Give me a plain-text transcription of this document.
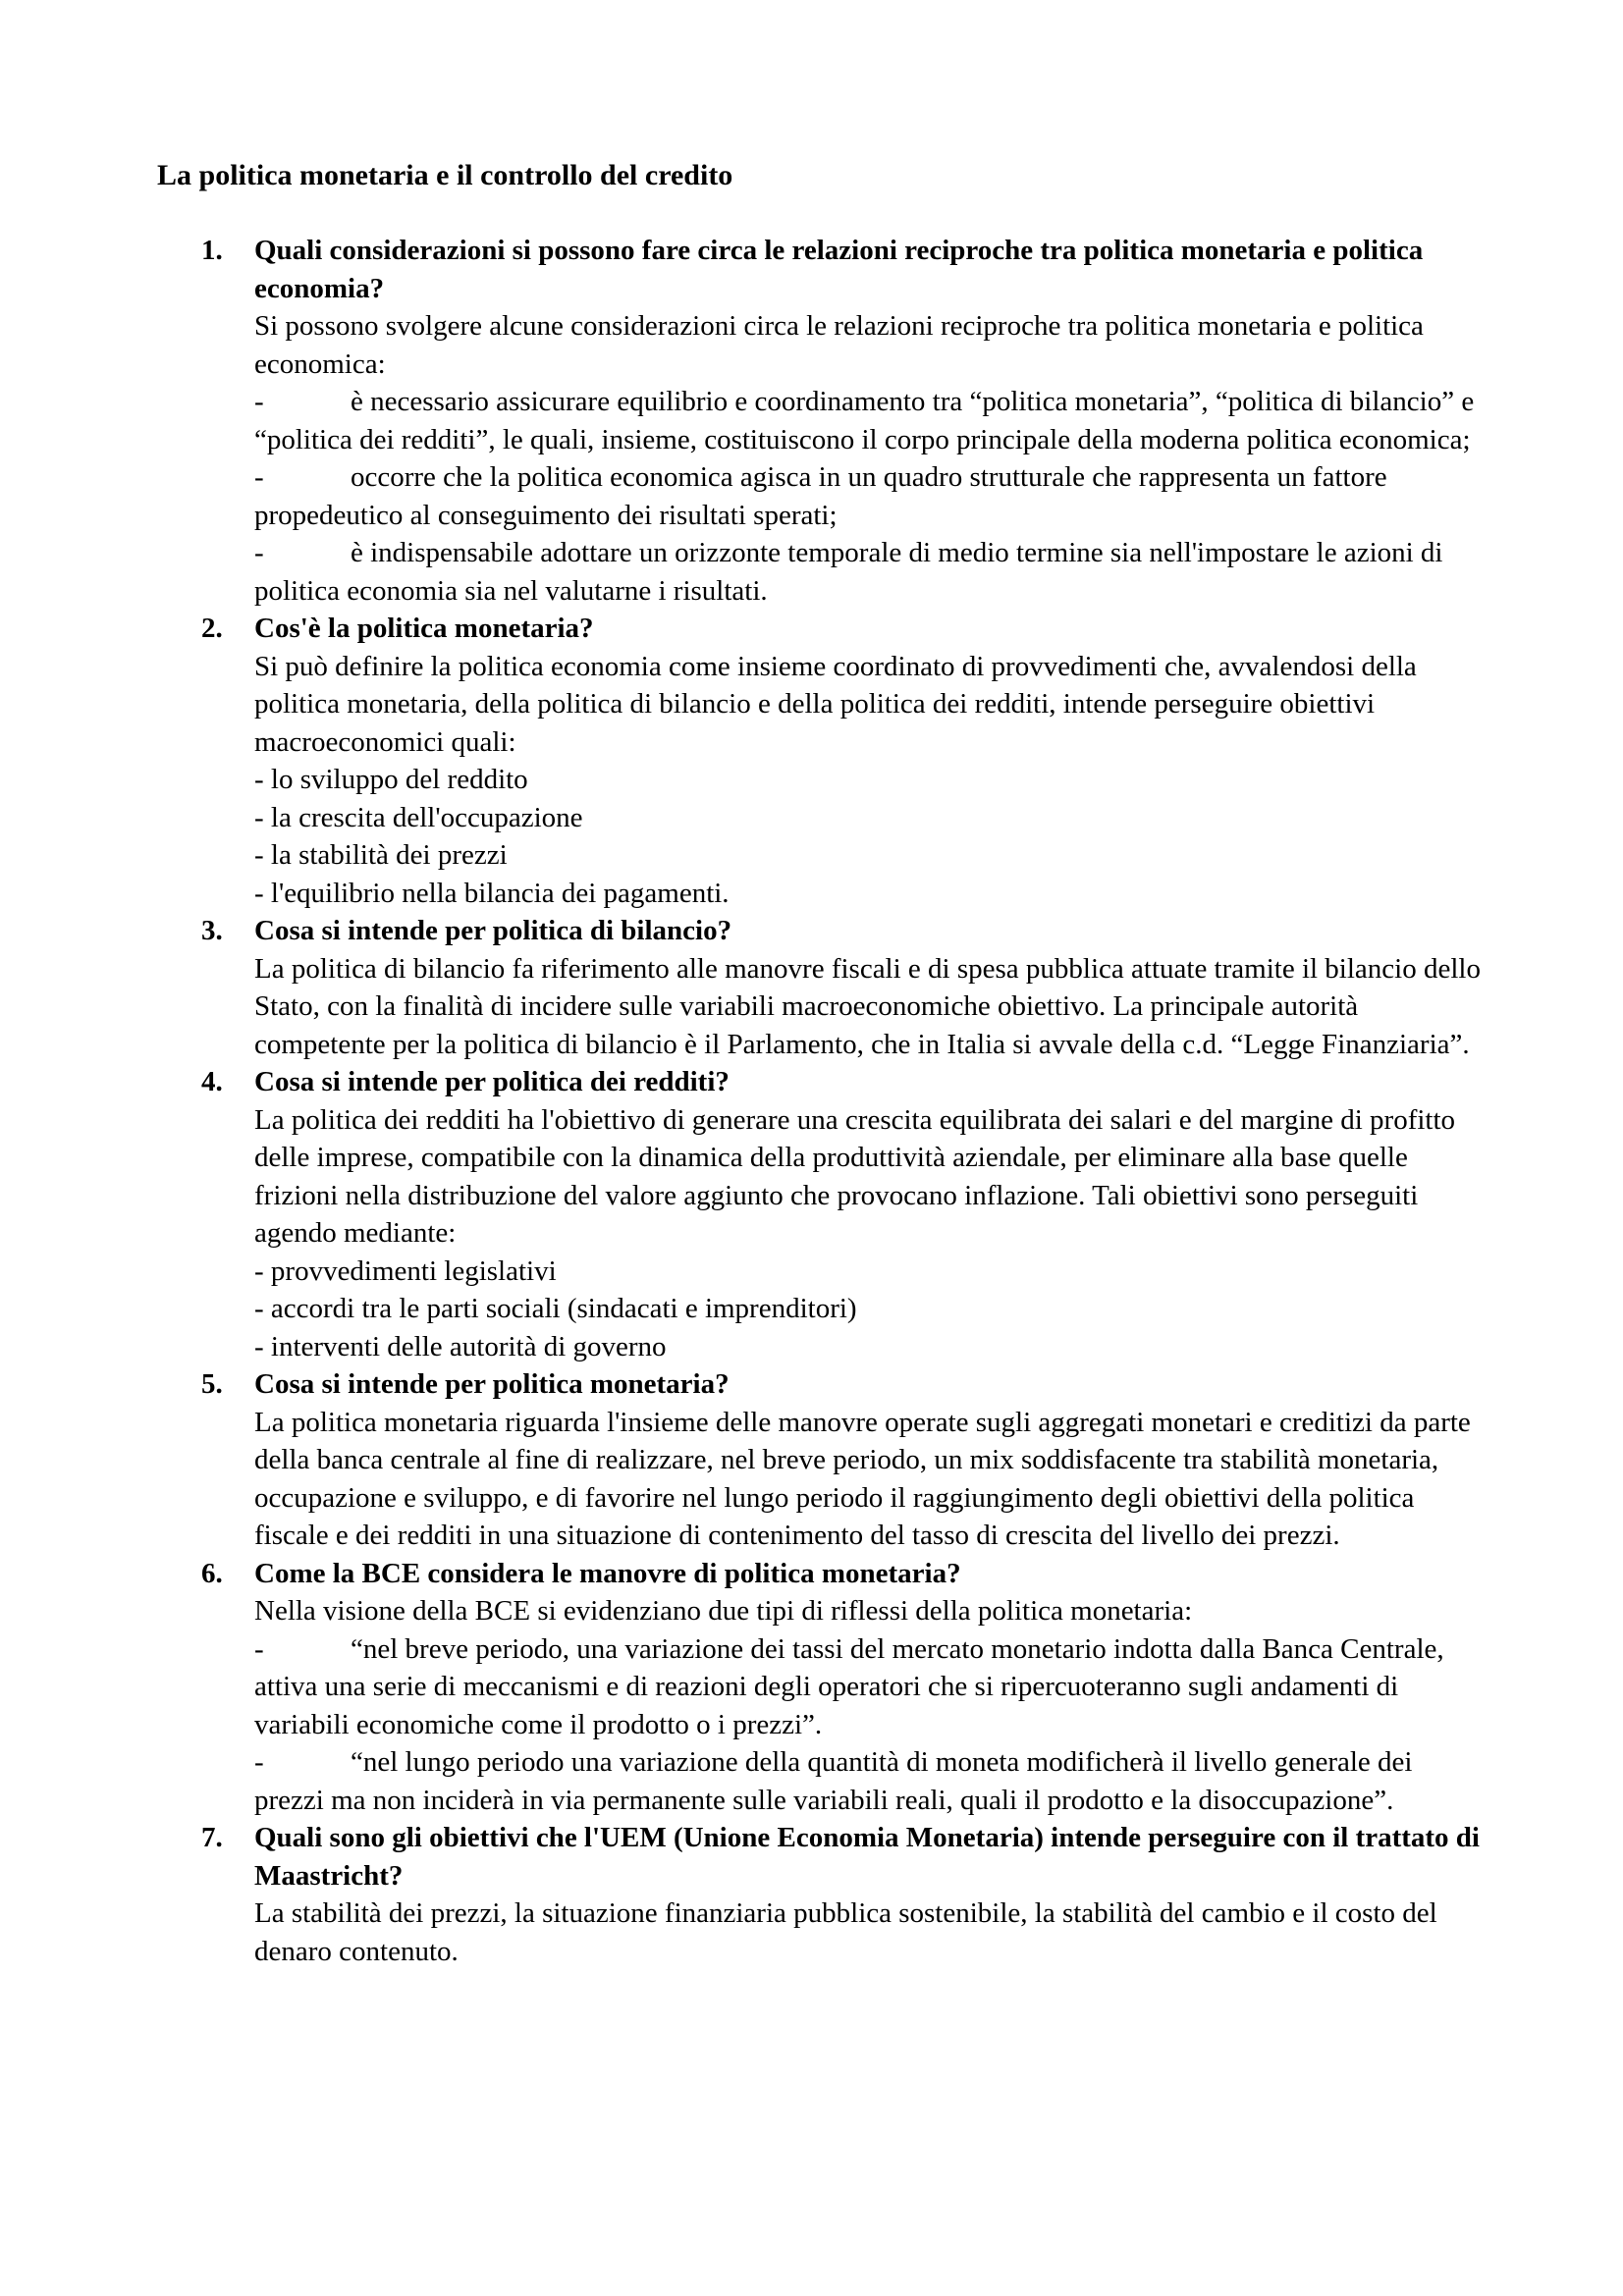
La politica monetaria e il controllo del credito
1. Quali considerazioni si possono fare circa le relazioni reciproche tra politica monetaria e politica economia?
Si possono svolgere alcune considerazioni circa le relazioni reciproche tra politica monetaria e politica economica:
-	è necessario assicurare equilibrio e coordinamento tra “politica monetaria”, “politica di bilancio” e “politica dei redditi”, le quali, insieme, costituiscono il corpo principale della moderna politica economica;
-	occorre che la politica economica agisca in un quadro strutturale che rappresenta un fattore propedeutico al conseguimento dei risultati sperati;
-	è indispensabile adottare un orizzonte temporale di medio termine sia nell'impostare le azioni di politica economia sia nel valutarne i risultati.
2. Cos'è la politica monetaria?
Si può definire la politica economia come insieme coordinato di provvedimenti che, avvalendosi della politica monetaria, della politica di bilancio e della politica dei redditi, intende perseguire obiettivi macroeconomici quali:
- lo sviluppo del reddito
- la crescita dell'occupazione
- la stabilità dei prezzi
- l'equilibrio nella bilancia dei pagamenti.
3. Cosa si intende per politica di bilancio?
La politica di bilancio fa riferimento alle manovre fiscali e di spesa pubblica attuate tramite il bilancio dello Stato, con la finalità di incidere sulle variabili macroeconomiche obiettivo. La principale autorità competente per la politica di bilancio è il Parlamento, che in Italia si avvale della c.d. “Legge Finanziaria”.
4. Cosa si intende per politica dei redditi?
La politica dei redditi ha l'obiettivo di generare una crescita equilibrata dei salari e del margine di profitto delle imprese, compatibile con la dinamica della produttività aziendale, per eliminare alla base quelle frizioni nella distribuzione del valore aggiunto che provocano inflazione. Tali obiettivi sono perseguiti agendo mediante:
- provvedimenti legislativi
- accordi tra le parti sociali (sindacati e imprenditori)
- interventi delle autorità di governo
5. Cosa si intende per politica monetaria?
La politica monetaria riguarda l'insieme delle manovre operate sugli aggregati monetari e creditizi da parte della banca centrale al fine di realizzare, nel breve periodo, un mix soddisfacente tra stabilità monetaria, occupazione e sviluppo, e di favorire nel lungo periodo il raggiungimento degli obiettivi della politica fiscale e dei redditi in una situazione di contenimento del tasso di crescita del livello dei prezzi.
6. Come la BCE considera le manovre di politica monetaria?
Nella visione della BCE si evidenziano due tipi di riflessi della politica monetaria:
-	“nel breve periodo, una variazione dei tassi del mercato monetario indotta dalla Banca Centrale, attiva una serie di meccanismi e di reazioni degli operatori che si ripercuoteranno sugli andamenti di variabili economiche come il prodotto o i prezzi”.
-	“nel lungo periodo una variazione della quantità di moneta modificherà il livello generale dei prezzi ma non inciderà in via permanente sulle variabili reali, quali il prodotto e la disoccupazione”.
7. Quali sono gli obiettivi che l'UEM (Unione Economia Monetaria) intende perseguire con il trattato di Maastricht?
La stabilità dei prezzi, la situazione finanziaria pubblica sostenibile, la stabilità del cambio e il costo del denaro contenuto.
